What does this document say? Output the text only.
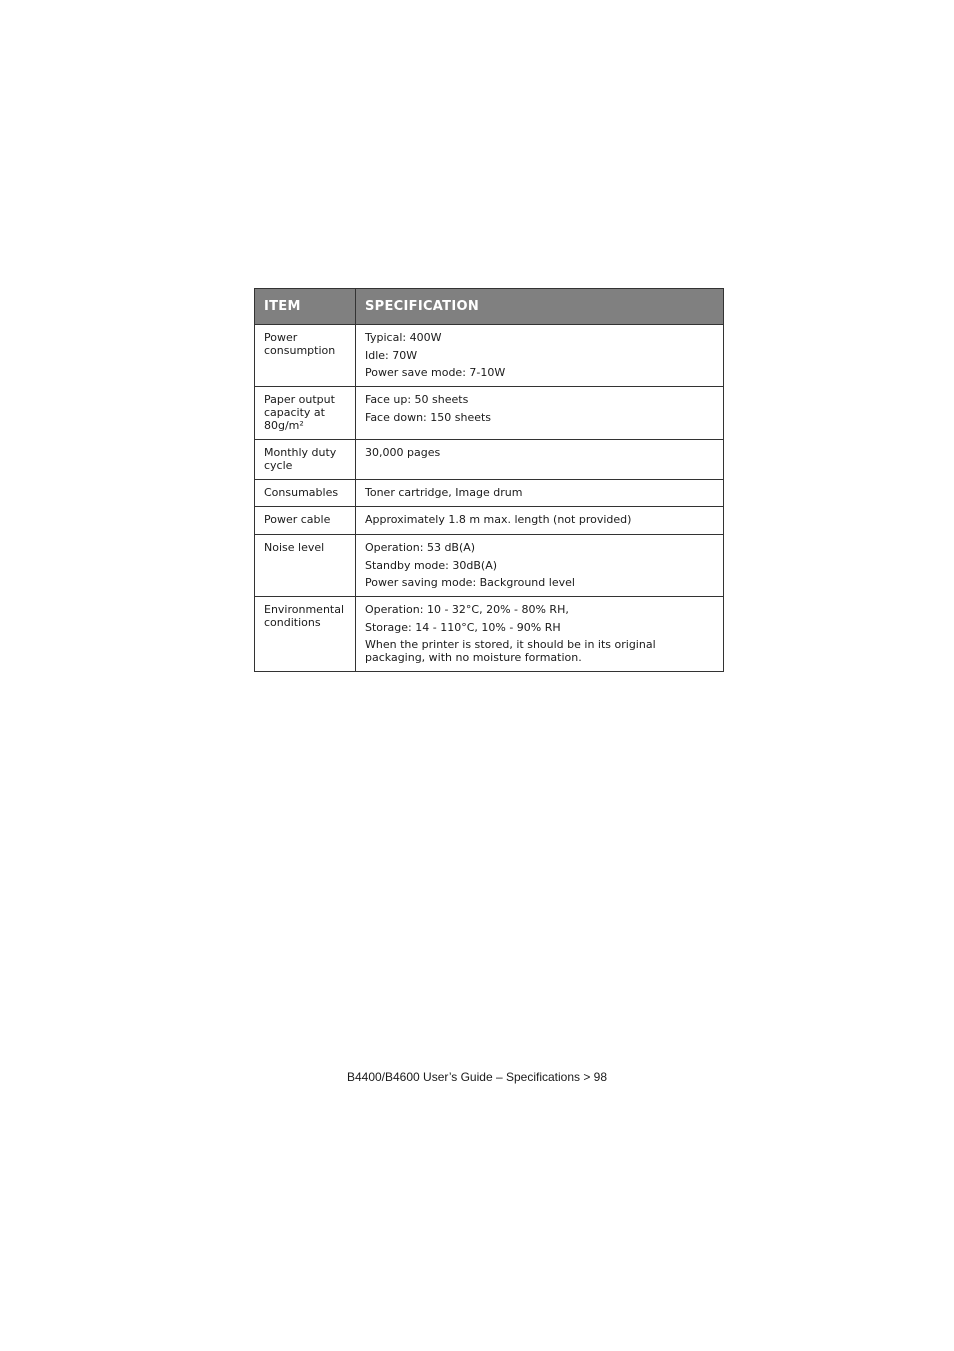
ITEM	SPECIFICATION

Power
consumption	Typical: 400W
Idle: 70W
Power save mode: 7-10W

Paper output
capacity at
80g/m²	Face up: 50 sheets
Face down: 150 sheets

Monthly duty
cycle	30,000 pages

Consumables	Toner cartridge, Image drum

Power cable	Approximately 1.8 m max. length (not provided)

Noise level	Operation: 53 dB(A)
Standby mode: 30dB(A)
Power saving mode: Background level

Environmental
conditions	Operation: 10 - 32°C, 20% - 80% RH,
Storage: 14 - 110°C, 10% - 90% RH
When the printer is stored, it should be in its original
packaging, with no moisture formation.
B4400/B4600 User’s Guide – Specifications > 98
